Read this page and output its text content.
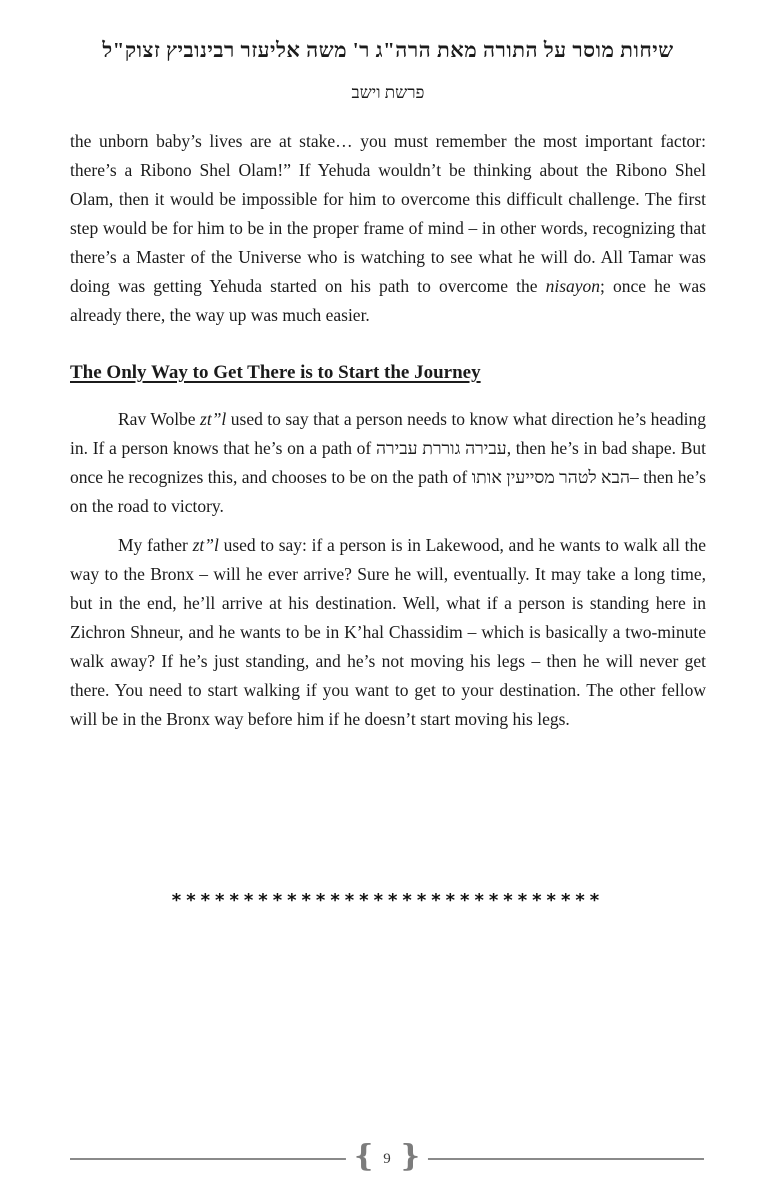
שיחות מוסר על התורה מאת הרה"ג ר' משה אליעזר רבינוביץ זצוק"ל
פרשת וישב

the unborn baby’s lives are at stake… you must remember the most important factor: there’s a Ribono Shel Olam!” If Yehuda wouldn’t be thinking about the Ribono Shel Olam, then it would be impossible for him to overcome this difficult challenge. The first step would be for him to be in the proper frame of mind – in other words, recognizing that there’s a Master of the Universe who is watching to see what he will do. All Tamar was doing was getting Yehuda started on his path to overcome the nisayon; once he was already there, the way up was much easier.

The Only Way to Get There is to Start the Journey

Rav Wolbe zt”l used to say that a person needs to know what direction he’s heading in. If a person knows that he’s on a path of עבירה גוררת עבירה, then he’s in bad shape. But once he recognizes this, and chooses to be on the path of הבא לטהר מסייעין אותו– then he’s on the road to victory.

My father zt”l used to say: if a person is in Lakewood, and he wants to walk all the way to the Bronx – will he ever arrive? Sure he will, eventually. It may take a long time, but in the end, he’ll arrive at his destination. Well, what if a person is standing here in Zichron Shneur, and he wants to be in K’hal Chassidim – which is basically a two-minute walk away? If he’s just standing, and he’s not moving his legs – then he will never get there. You need to start walking if you want to get to your destination. The other fellow will be in the Bronx way before him if he doesn’t start moving his legs.

******************************
{ 9 }
